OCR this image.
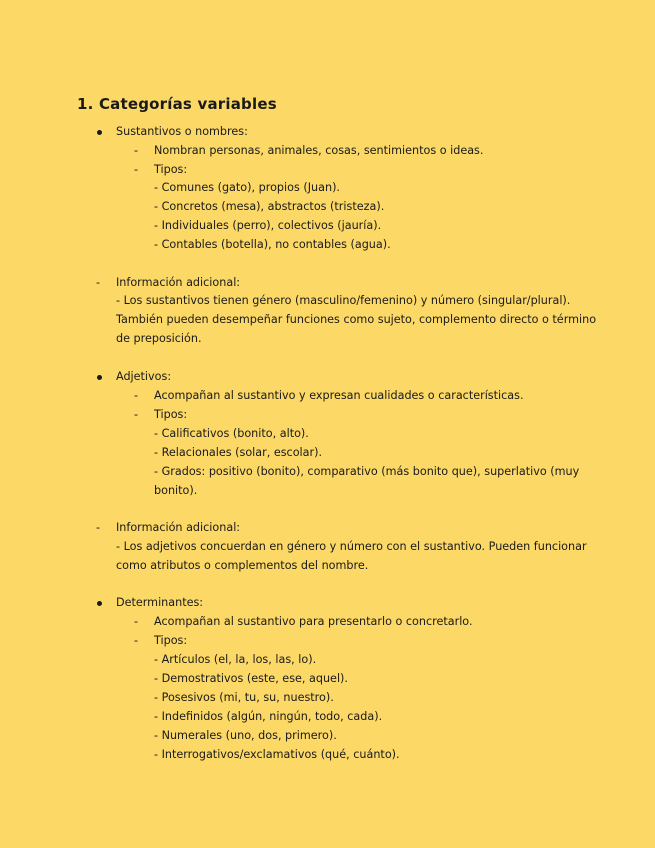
1. Categorías variables
Sustantivos o nombres:
- Nombran personas, animales, cosas, sentimientos o ideas.
- Tipos:
- Comunes (gato), propios (Juan).
- Concretos (mesa), abstractos (tristeza).
- Individuales (perro), colectivos (jauría).
- Contables (botella), no contables (agua).
- Información adicional:
- Los sustantivos tienen género (masculino/femenino) y número (singular/plural).
También pueden desempeñar funciones como sujeto, complemento directo o término
de preposición.
Adjetivos:
- Acompañan al sustantivo y expresan cualidades o características.
- Tipos:
- Calificativos (bonito, alto).
- Relacionales (solar, escolar).
- Grados: positivo (bonito), comparativo (más bonito que), superlativo (muy
bonito).
- Información adicional:
- Los adjetivos concuerdan en género y número con el sustantivo. Pueden funcionar
como atributos o complementos del nombre.
Determinantes:
- Acompañan al sustantivo para presentarlo o concretarlo.
- Tipos:
- Artículos (el, la, los, las, lo).
- Demostrativos (este, ese, aquel).
- Posesivos (mi, tu, su, nuestro).
- Indefinidos (algún, ningún, todo, cada).
- Numerales (uno, dos, primero).
- Interrogativos/exclamativos (qué, cuánto).
